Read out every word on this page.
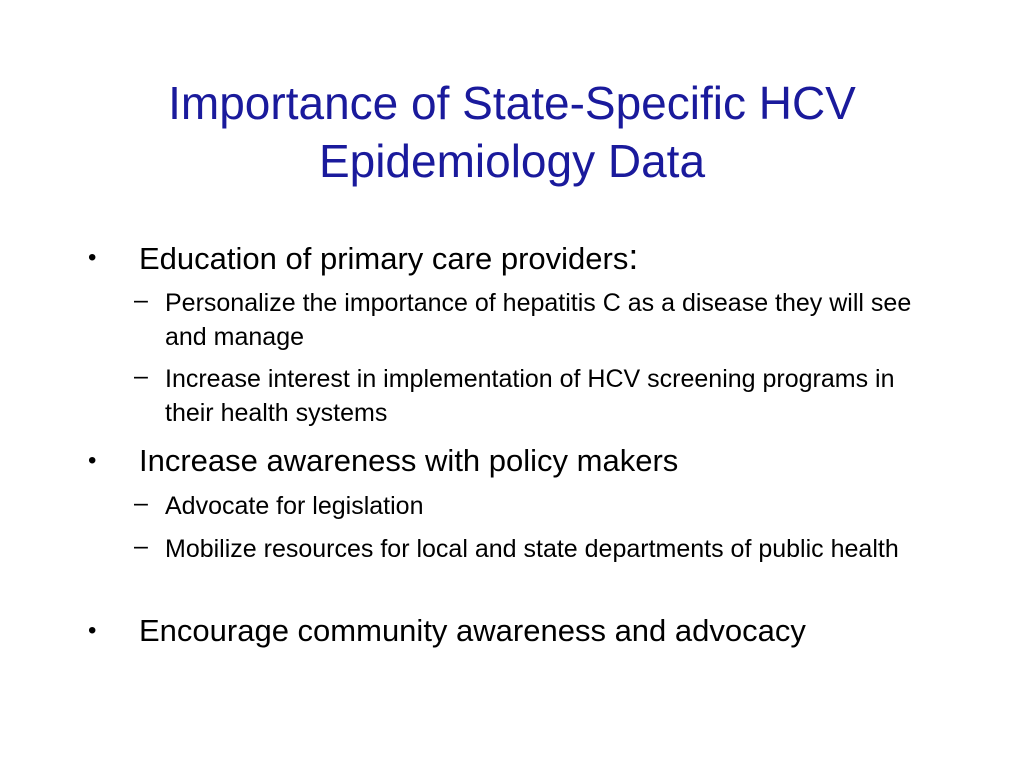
Importance of State-Specific HCV
Epidemiology Data
• Education of primary care providers:
– Personalize the importance of hepatitis C as a disease they will see and manage
– Increase interest in implementation of HCV screening programs in their health systems
• Increase awareness with policy makers
– Advocate for legislation
– Mobilize resources for local and state departments of public health
• Encourage community awareness and advocacy
